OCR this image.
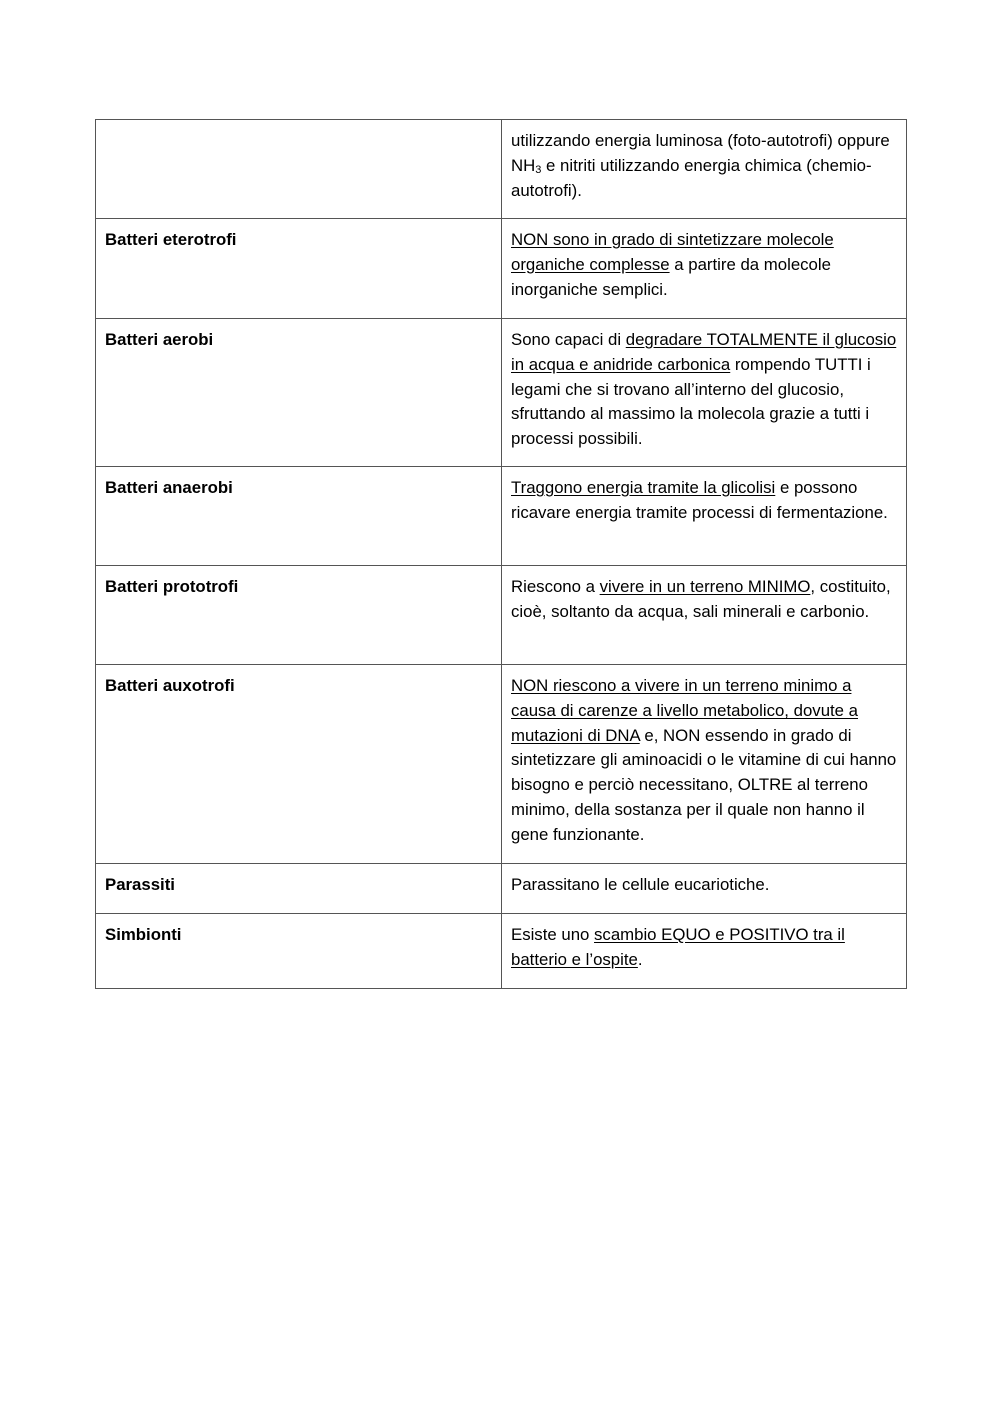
	utilizzando energia luminosa (foto-autotrofi) oppure $NH_3$ e nitriti utilizzando energia chimica (chemio-autotrofi).
Batteri eterotrofi	NON sono in grado di sintetizzare molecole organiche complesse a partire da molecole inorganiche semplici.
Batteri aerobi	Sono capaci di degradare TOTALMENTE il glucosio in acqua e anidride carbonica rompendo TUTTI i legami che si trovano all’interno del glucosio, sfruttando al massimo la molecola grazie a tutti i processi possibili.
Batteri anaerobi	Traggono energia tramite la glicolisi e possono ricavare energia tramite processi di fermentazione.
Batteri prototrofi	Riescono a vivere in un terreno MINIMO, costituito, cioè, soltanto da acqua, sali minerali e carbonio.
Batteri auxotrofi	NON riescono a vivere in un terreno minimo a causa di carenze a livello metabolico, dovute a mutazioni di DNA e, NON essendo in grado di sintetizzare gli aminoacidi o le vitamine di cui hanno bisogno e perciò necessitano, OLTRE al terreno minimo, della sostanza per il quale non hanno il gene funzionante.
Parassiti	Parassitano le cellule eucariotiche.
Simbionti	Esiste uno scambio EQUO e POSITIVO tra il batterio e l’ospite.
